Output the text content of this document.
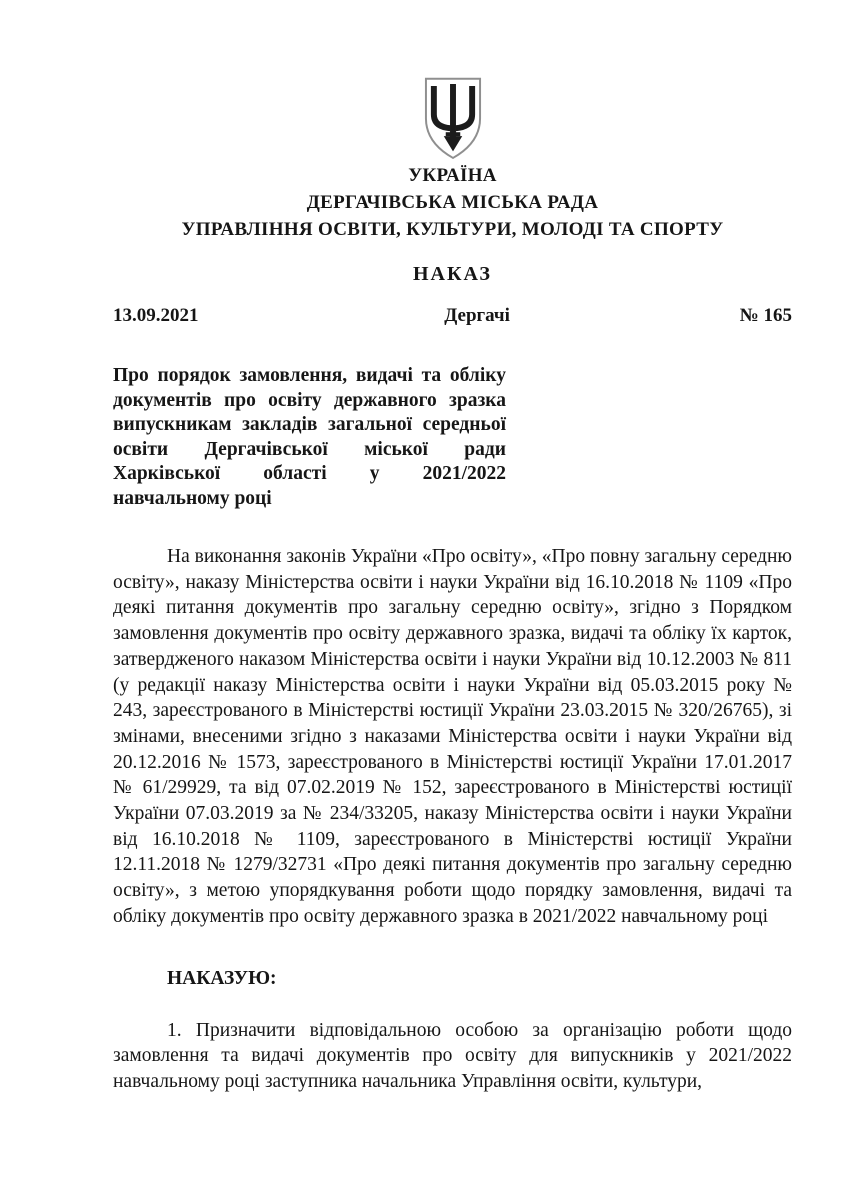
УКРАЇНА
ДЕРГАЧІВСЬКА МІСЬКА РАДА
УПРАВЛІННЯ ОСВІТИ, КУЛЬТУРИ, МОЛОДІ ТА СПОРТУ
НАКАЗ
13.09.2021	Дергачі	№ 165
Про порядок замовлення, видачі та обліку документів про освіту державного зразка випускникам закладів загальної середньої освіти Дергачівської міської ради Харківської області у 2021/2022 навчальному році

На виконання законів України «Про освіту», «Про повну загальну середню освіту», наказу Міністерства освіти і науки України від 16.10.2018 № 1109 «Про деякі питання документів про загальну середню освіту», згідно з Порядком замовлення документів про освіту державного зразка, видачі та обліку їх карток, затвердженого наказом Міністерства освіти і науки України від 10.12.2003 № 811 (у редакції наказу Міністерства освіти і науки України від 05.03.2015 року № 243, зареєстрованого в Міністерстві юстиції України 23.03.2015 № 320/26765), зі змінами, внесеними згідно з наказами Міністерства освіти і науки України від 20.12.2016 № 1573, зареєстрованого в Міністерстві юстиції України 17.01.2017 № 61/29929, та від 07.02.2019 № 152, зареєстрованого в Міністерстві юстиції України 07.03.2019 за № 234/33205, наказу Міністерства освіти і науки України від 16.10.2018 № 1109, зареєстрованого в Міністерстві юстиції України 12.11.2018 № 1279/32731 «Про деякі питання документів про загальну середню освіту», з метою упорядкування роботи щодо порядку замовлення, видачі та обліку документів про освіту державного зразка в 2021/2022 навчальному році

НАКАЗУЮ:

1. Призначити відповідальною особою за організацію роботи щодо замовлення та видачі документів про освіту для випускників у 2021/2022 навчальному році заступника начальника Управління освіти, культури,
